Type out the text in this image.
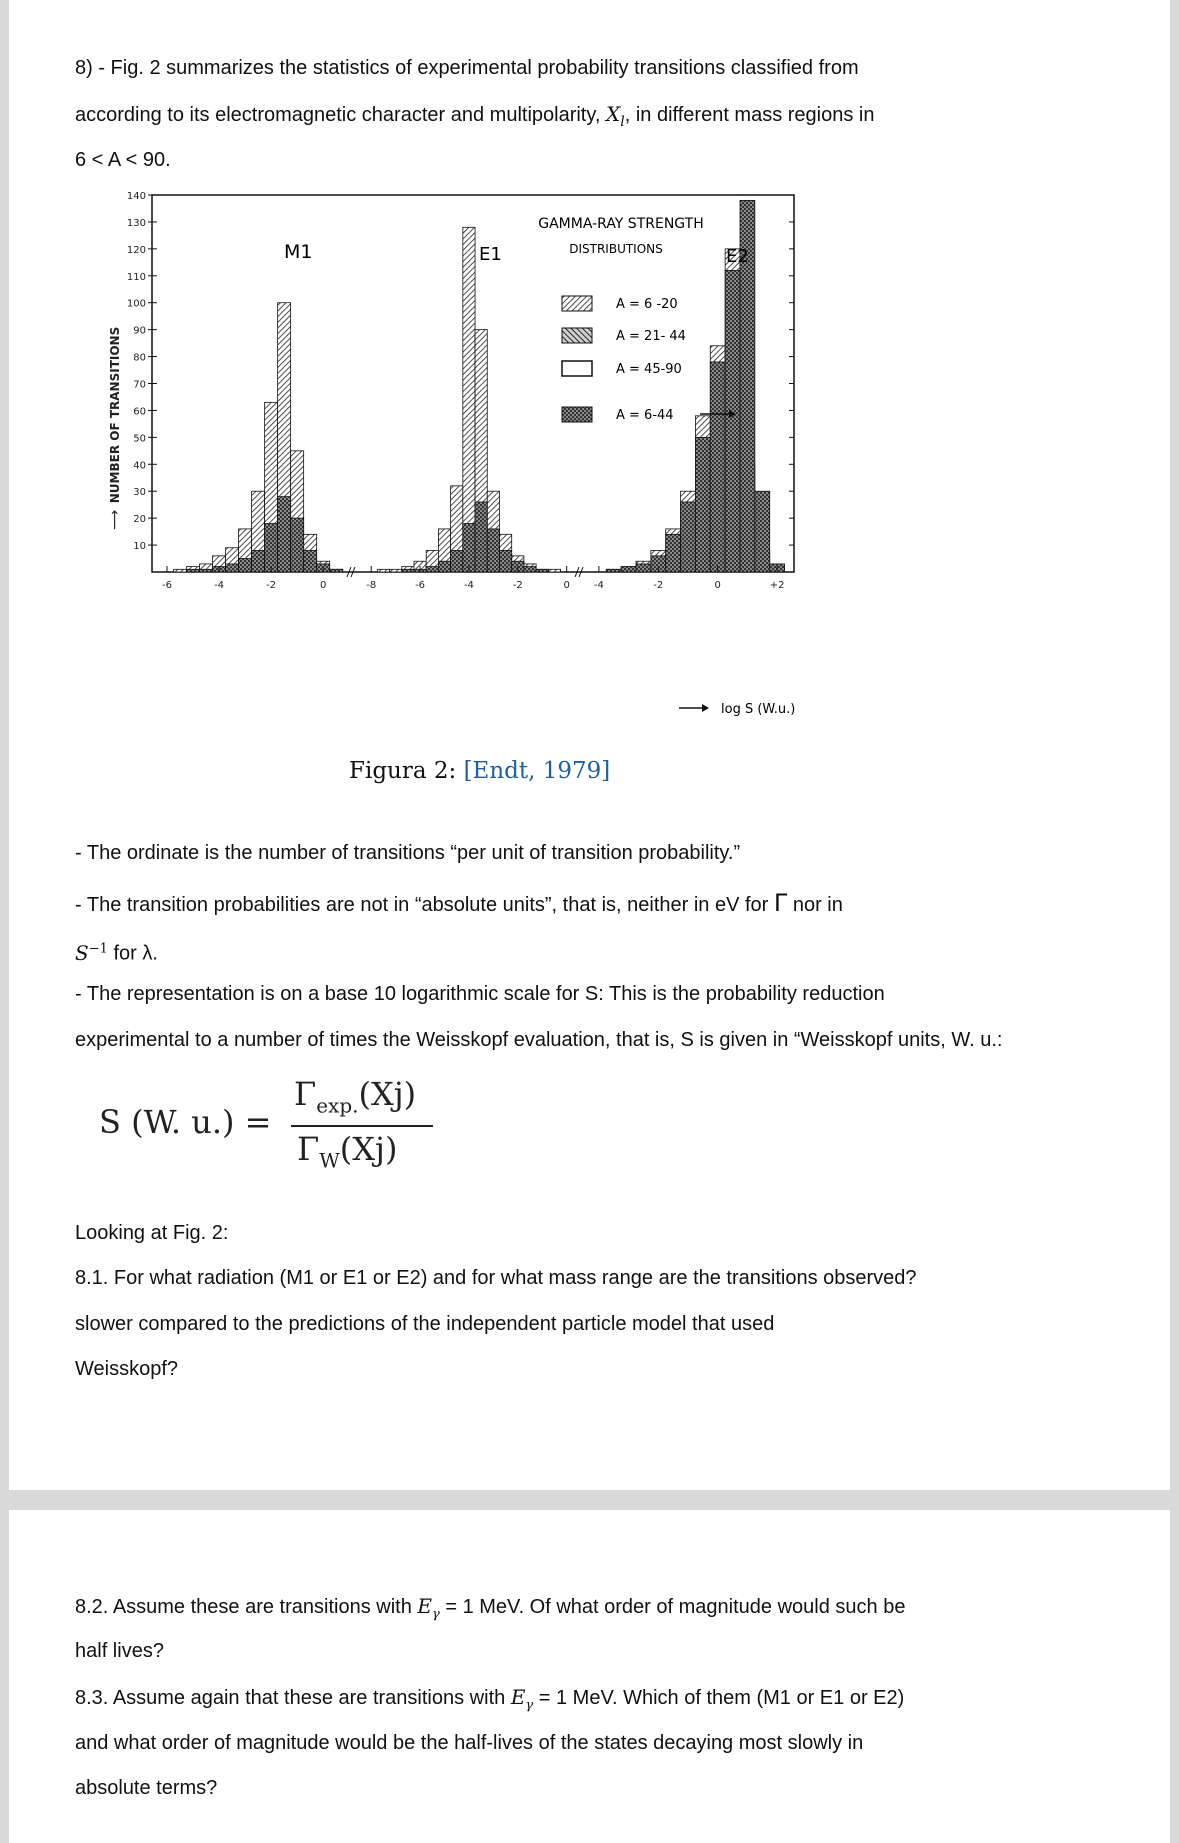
8) - Fig. 2 summarizes the statistics of experimental probability transitions classified from
according to its electromagnetic character and multipolarity, $X_l$, in different mass regions in
6 < A < 90.
140
130
120
110
100
90
80
70
60
50
40
30
20
10
-6	-4	-2	0	-8	-6	-4	-2	0 -4	-2	0	+2
NUMBER OF TRANSITIONS
⟶
M1	E1	E2
GAMMA-RAY STRENGTH
DISTRIBUTIONS
A = 6 -20
A = 21- 44
A = 45-90
A = 6-44
log S (W.u.)
Figura 2: [Endt, 1979]
- The ordinate is the number of transitions “per unit of transition probability.”
- The transition probabilities are not in “absolute units”, that is, neither in eV for Γ nor in
$S^{-1}$ for λ.
- The representation is on a base 10 logarithmic scale for S: This is the probability reduction
experimental to a number of times the Weisskopf evaluation, that is, S is given in “Weisskopf units, W. u.:
S (W. u.) =
$\Gamma_{exp.}(Xj)$
$\Gamma_W(Xj)$
Looking at Fig. 2:
8.1. For what radiation (M1 or E1 or E2) and for what mass range are the transitions observed?
slower compared to the predictions of the independent particle model that used
Weisskopf?
8.2. Assume these are transitions with $E_\gamma = 1$ MeV. Of what order of magnitude would such be
half lives?
8.3. Assume again that these are transitions with $E_\gamma = 1$ MeV. Which of them (M1 or E1 or E2)
and what order of magnitude would be the half-lives of the states decaying most slowly in
absolute terms?
